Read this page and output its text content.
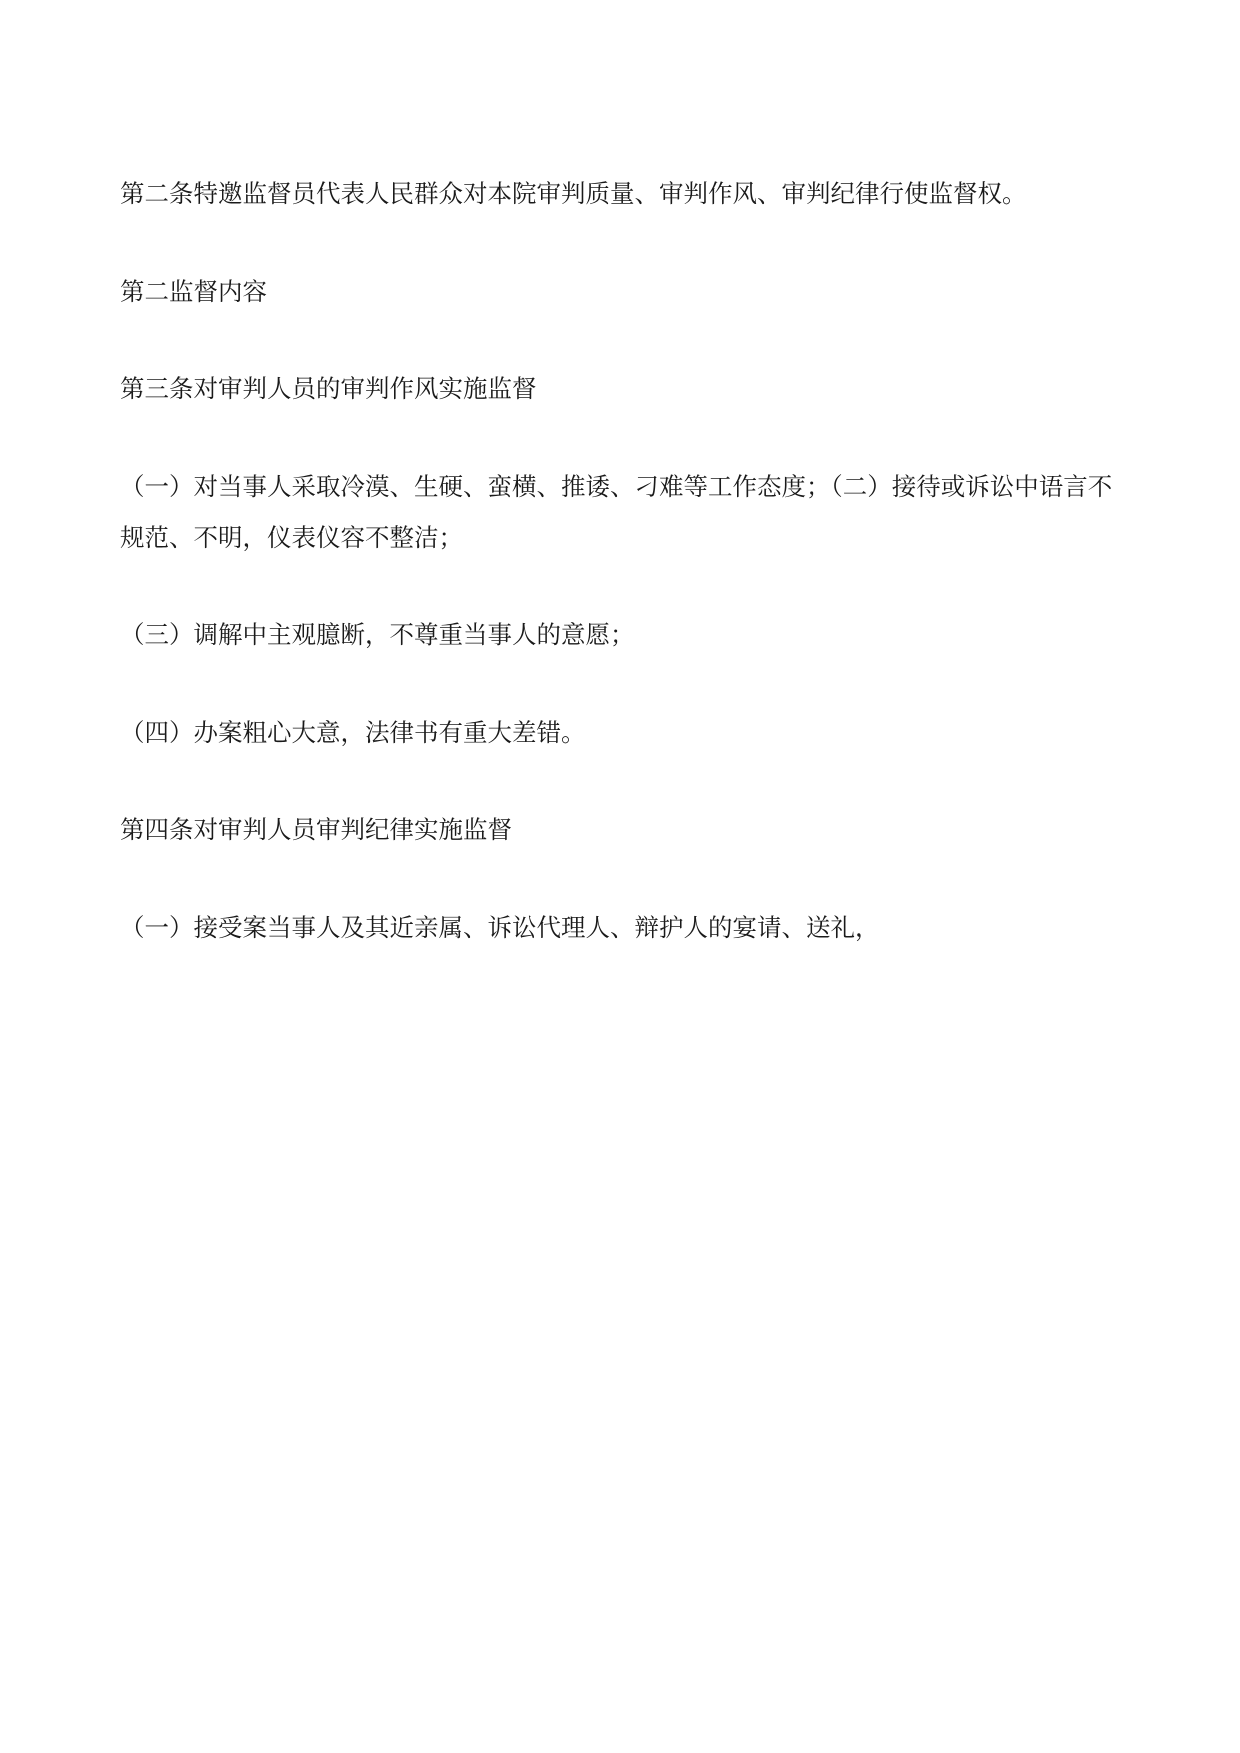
第二条特邀监督员代表人民群众对本院审判质量、审判作风、审判纪律行使监督权。

第二监督内容

第三条对审判人员的审判作风实施监督

（一）对当事人采取冷漠、生硬、蛮横、推诿、刁难等工作态度；（二）接待或诉讼中语言不规范、不明，仪表仪容不整洁；

（三）调解中主观臆断，不尊重当事人的意愿；

（四）办案粗心大意，法律书有重大差错。

第四条对审判人员审判纪律实施监督

（一）接受案当事人及其近亲属、诉讼代理人、辩护人的宴请、送礼，
